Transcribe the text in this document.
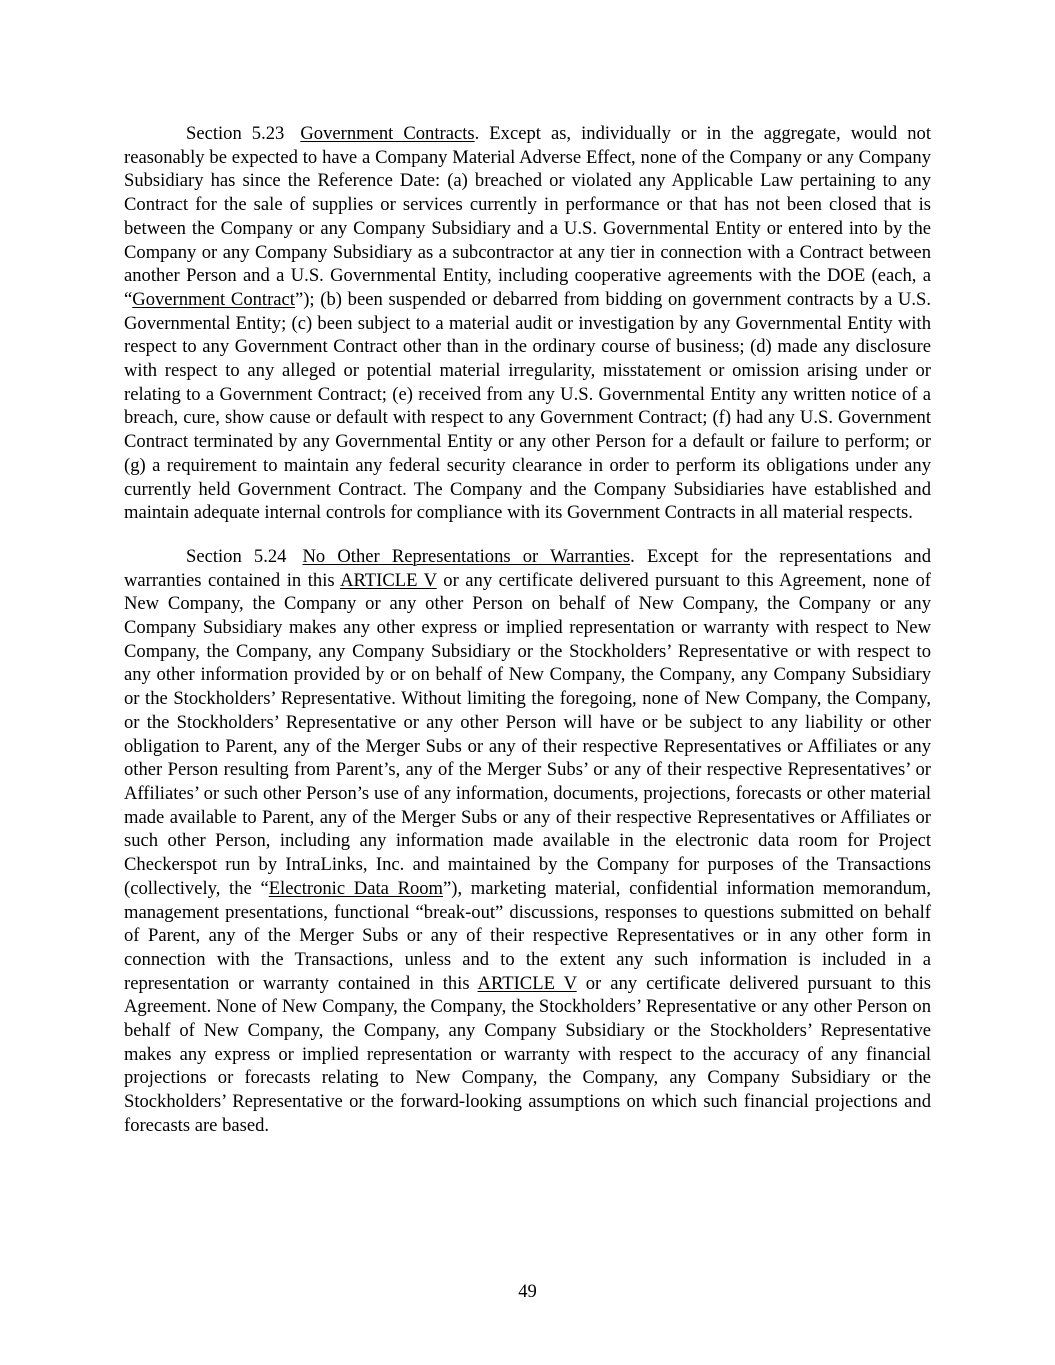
Section 5.23 Government Contracts. Except as, individually or in the aggregate, would not reasonably be expected to have a Company Material Adverse Effect, none of the Company or any Company Subsidiary has since the Reference Date: (a) breached or violated any Applicable Law pertaining to any Contract for the sale of supplies or services currently in performance or that has not been closed that is between the Company or any Company Subsidiary and a U.S. Governmental Entity or entered into by the Company or any Company Subsidiary as a subcontractor at any tier in connection with a Contract between another Person and a U.S. Governmental Entity, including cooperative agreements with the DOE (each, a “Government Contract”); (b) been suspended or debarred from bidding on government contracts by a U.S. Governmental Entity; (c) been subject to a material audit or investigation by any Governmental Entity with respect to any Government Contract other than in the ordinary course of business; (d) made any disclosure with respect to any alleged or potential material irregularity, misstatement or omission arising under or relating to a Government Contract; (e) received from any U.S. Governmental Entity any written notice of a breach, cure, show cause or default with respect to any Government Contract; (f) had any U.S. Government Contract terminated by any Governmental Entity or any other Person for a default or failure to perform; or (g) a requirement to maintain any federal security clearance in order to perform its obligations under any currently held Government Contract. The Company and the Company Subsidiaries have established and maintain adequate internal controls for compliance with its Government Contracts in all material respects.

Section 5.24 No Other Representations or Warranties. Except for the representations and warranties contained in this ARTICLE V or any certificate delivered pursuant to this Agreement, none of New Company, the Company or any other Person on behalf of New Company, the Company or any Company Subsidiary makes any other express or implied representation or warranty with respect to New Company, the Company, any Company Subsidiary or the Stockholders’ Representative or with respect to any other information provided by or on behalf of New Company, the Company, any Company Subsidiary or the Stockholders’ Representative. Without limiting the foregoing, none of New Company, the Company, or the Stockholders’ Representative or any other Person will have or be subject to any liability or other obligation to Parent, any of the Merger Subs or any of their respective Representatives or Affiliates or any other Person resulting from Parent’s, any of the Merger Subs’ or any of their respective Representatives’ or Affiliates’ or such other Person’s use of any information, documents, projections, forecasts or other material made available to Parent, any of the Merger Subs or any of their respective Representatives or Affiliates or such other Person, including any information made available in the electronic data room for Project Checkerspot run by IntraLinks, Inc. and maintained by the Company for purposes of the Transactions (collectively, the “Electronic Data Room”), marketing material, confidential information memorandum, management presentations, functional “break-out” discussions, responses to questions submitted on behalf of Parent, any of the Merger Subs or any of their respective Representatives or in any other form in connection with the Transactions, unless and to the extent any such information is included in a representation or warranty contained in this ARTICLE V or any certificate delivered pursuant to this Agreement. None of New Company, the Company, the Stockholders’ Representative or any other Person on behalf of New Company, the Company, any Company Subsidiary or the Stockholders’ Representative makes any express or implied representation or warranty with respect to the accuracy of any financial projections or forecasts relating to New Company, the Company, any Company Subsidiary or the Stockholders’ Representative or the forward-looking assumptions on which such financial projections and forecasts are based.

49
